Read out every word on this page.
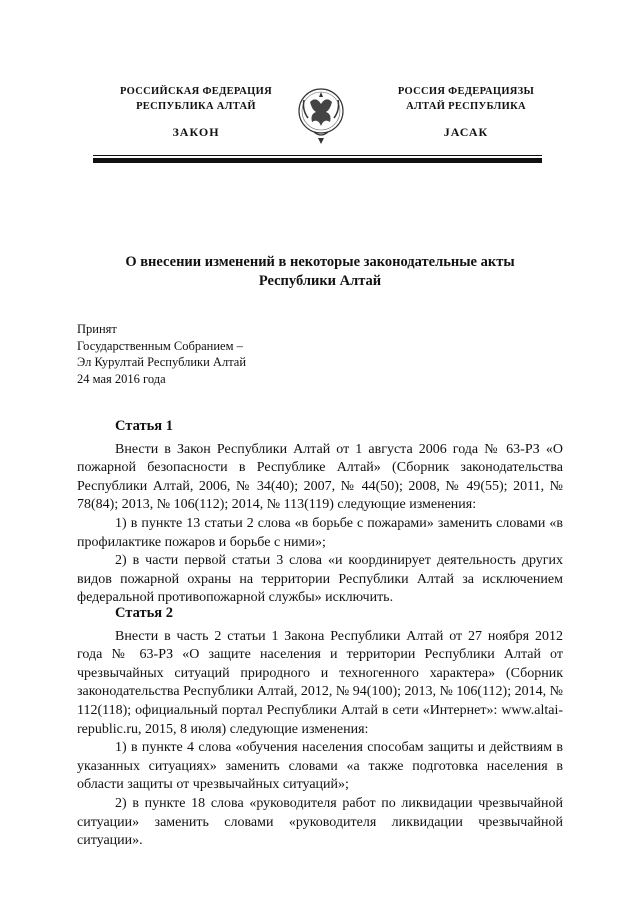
РОССИЙСКАЯ ФЕДЕРАЦИЯ
РЕСПУБЛИКА АЛТАЙ
ЗАКОН
РОССИЯ ФЕДЕРАЦИЯЗЫ
АЛТАЙ РЕСПУБЛИКА
JАСАК
О внесении изменений в некоторые законодательные акты
Республики Алтай
Принят
Государственным Собранием –
Эл Курултай Республики Алтай
24 мая 2016 года

Статья 1

Внести в Закон Республики Алтай от 1 августа 2006 года № 63-РЗ «О пожарной безопасности в Республике Алтай» (Сборник законодательства Республики Алтай, 2006, № 34(40); 2007, № 44(50); 2008, № 49(55); 2011, № 78(84); 2013, № 106(112); 2014, № 113(119) следующие изменения:

1) в пункте 13 статьи 2 слова «в борьбе с пожарами» заменить словами «в профилактике пожаров и борьбе с ними»;

2) в части первой статьи 3 слова «и координирует деятельность других видов пожарной охраны на территории Республики Алтай за исключением федеральной противопожарной службы» исключить.

Статья 2

Внести в часть 2 статьи 1 Закона Республики Алтай от 27 ноября 2012 года № 63-РЗ «О защите населения и территории Республики Алтай от чрезвычайных ситуаций природного и техногенного характера» (Сборник законодательства Республики Алтай, 2012, № 94(100); 2013, № 106(112); 2014, № 112(118); официальный портал Республики Алтай в сети «Интернет»: www.altai-republic.ru, 2015, 8 июля) следующие изменения:

1) в пункте 4 слова «обучения населения способам защиты и действиям в указанных ситуациях» заменить словами «а также подготовка населения в области защиты от чрезвычайных ситуаций»;

2) в пункте 18 слова «руководителя работ по ликвидации чрезвычайной ситуации» заменить словами «руководителя ликвидации чрезвычайной ситуации».
